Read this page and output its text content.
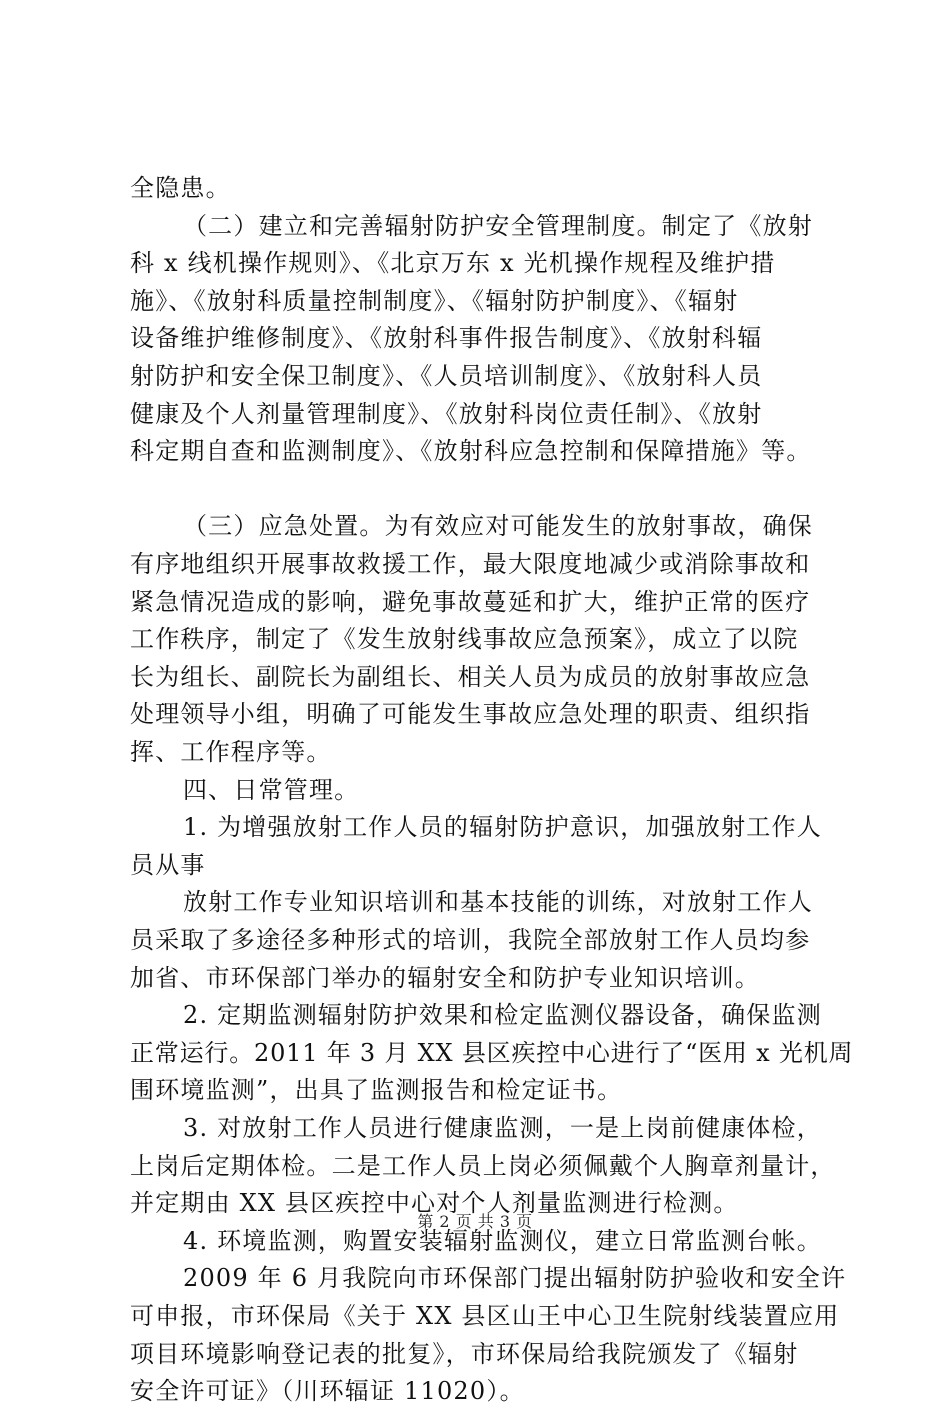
全隐患。
（二）建立和完善辐射防护安全管理制度。制定了《放射
科 x 线机操作规则》、《北京万东 x 光机操作规程及维护措
施》、《放射科质量控制制度》、《辐射防护制度》、《辐射
设备维护维修制度》、《放射科事件报告制度》、《放射科辐
射防护和安全保卫制度》、《人员培训制度》、《放射科人员
健康及个人剂量管理制度》、《放射科岗位责任制》、《放射
科定期自查和监测制度》、《放射科应急控制和保障措施》等。
（三）应急处置。为有效应对可能发生的放射事故，确保
有序地组织开展事故救援工作，最大限度地减少或消除事故和
紧急情况造成的影响，避免事故蔓延和扩大，维护正常的医疗
工作秩序，制定了《发生放射线事故应急预案》，成立了以院
长为组长、副院长为副组长、相关人员为成员的放射事故应急
处理领导小组，明确了可能发生事故应急处理的职责、组织指
挥、工作程序等。
四、日常管理。
1. 为增强放射工作人员的辐射防护意识，加强放射工作人
员从事
放射工作专业知识培训和基本技能的训练，对放射工作人
员采取了多途径多种形式的培训，我院全部放射工作人员均参
加省、市环保部门举办的辐射安全和防护专业知识培训。
2. 定期监测辐射防护效果和检定监测仪器设备，确保监测
正常运行。2011 年 3 月 XX 县区疾控中心进行了“医用 x 光机周
围环境监测”，出具了监测报告和检定证书。
3. 对放射工作人员进行健康监测，一是上岗前健康体检，
上岗后定期体检。二是工作人员上岗必须佩戴个人胸章剂量计，
并定期由 XX 县区疾控中心对个人剂量监测进行检测。
4. 环境监测，购置安装辐射监测仪，建立日常监测台帐。
2009 年 6 月我院向市环保部门提出辐射防护验收和安全许
可申报，市环保局《关于 XX 县区山王中心卫生院射线装置应用
项目环境影响登记表的批复》，市环保局给我院颁发了《辐射
安全许可证》（川环辐证 11020）。
第 2 页 共 3 页
